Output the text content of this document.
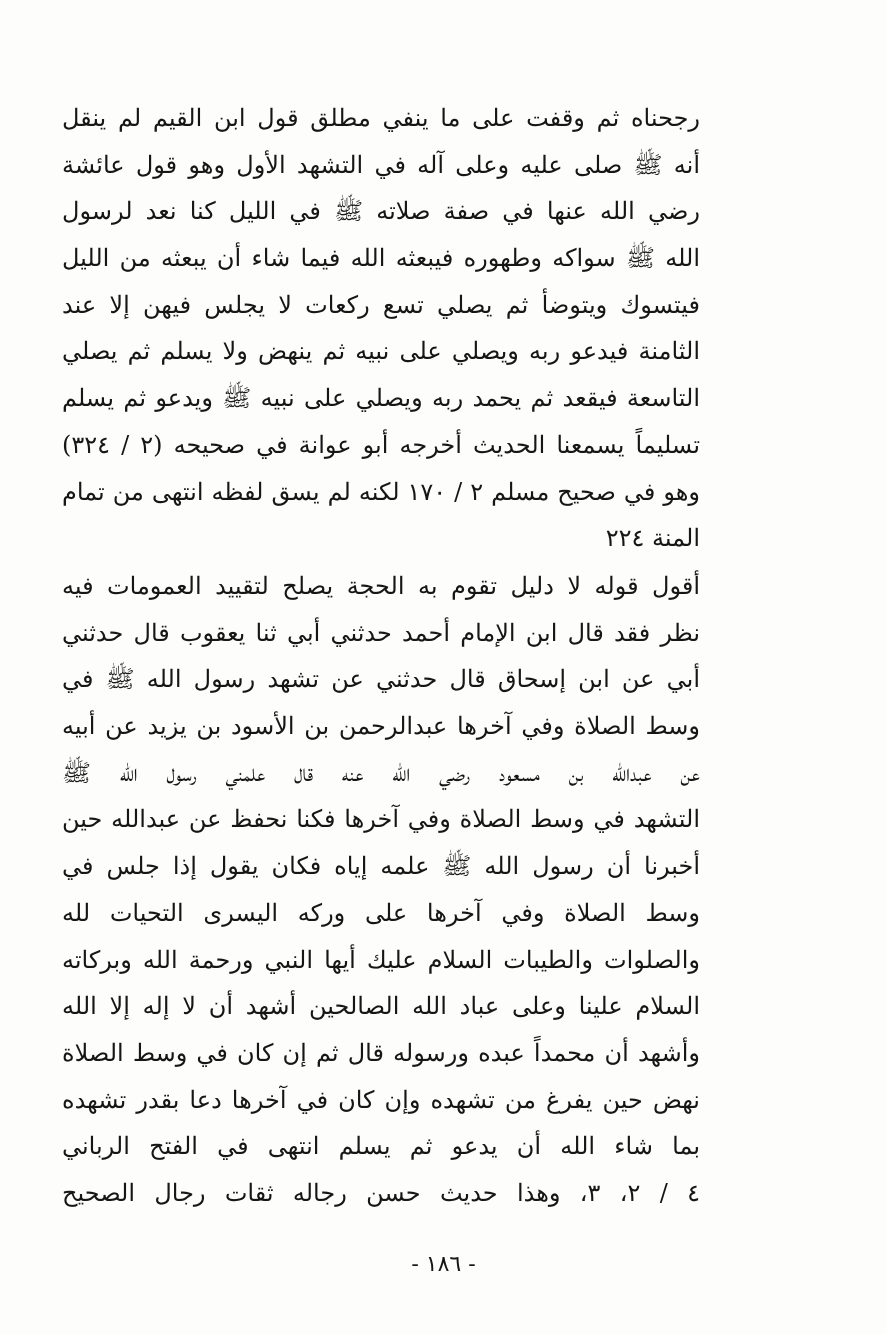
رجحناه ثم وقفت على ما ينفي مطلق قول ابن القيم لم ينقل
أنه ﷺ صلى عليه وعلى آله في التشهد الأول وهو قول عائشة
رضي الله عنها في صفة صلاته ﷺ في الليل كنا نعد لرسول
الله ﷺ سواكه وطهوره فيبعثه الله فيما شاء أن يبعثه من الليل
فيتسوك ويتوضأ ثم يصلي تسع ركعات لا يجلس فيهن إلا عند
الثامنة فيدعو ربه ويصلي على نبيه ثم ينهض ولا يسلم ثم يصلي
التاسعة فيقعد ثم يحمد ربه ويصلي على نبيه ﷺ ويدعو ثم يسلم
تسليماً يسمعنا الحديث أخرجه أبو عوانة في صحيحه (٢ / ٣٢٤)
وهو في صحيح مسلم ٢ / ١٧٠ لكنه لم يسق لفظه انتهى من تمام
المنة ٢٢٤
أقول قوله لا دليل تقوم به الحجة يصلح لتقييد العمومات فيه
نظر فقد قال ابن الإمام أحمد حدثني أبي ثنا يعقوب قال حدثني
أبي عن ابن إسحاق قال حدثني عن تشهد رسول الله ﷺ في
وسط الصلاة وفي آخرها عبدالرحمن بن الأسود بن يزيد عن أبيه
عن عبدالله بن مسعود رضي الله عنه قال علمني رسول الله ﷺ
التشهد في وسط الصلاة وفي آخرها فكنا نحفظ عن عبدالله حين
أخبرنا أن رسول الله ﷺ علمه إياه فكان يقول إذا جلس في
وسط الصلاة وفي آخرها على وركه اليسرى التحيات لله
والصلوات والطيبات السلام عليك أيها النبي ورحمة الله وبركاته
السلام علينا وعلى عباد الله الصالحين أشهد أن لا إله إلا الله
وأشهد أن محمداً عبده ورسوله قال ثم إن كان في وسط الصلاة
نهض حين يفرغ من تشهده وإن كان في آخرها دعا بقدر تشهده
بما شاء الله أن يدعو ثم يسلم انتهى في الفتح الرباني
٤ / ٢، ٣، وهذا حديث حسن رجاله ثقات رجال الصحيح
- ١٨٦ -
